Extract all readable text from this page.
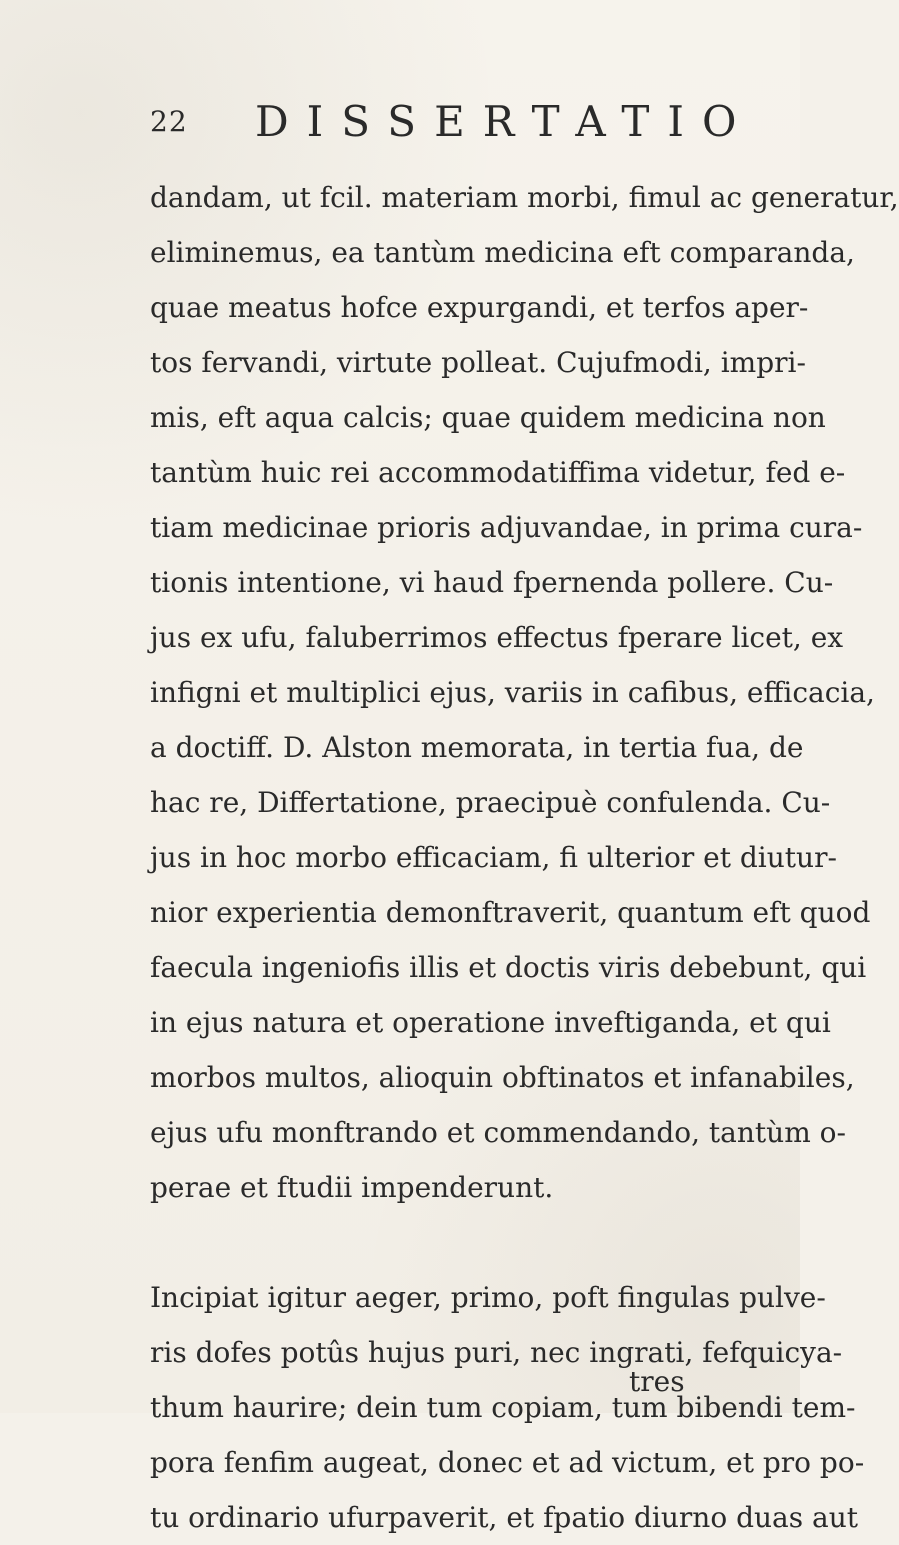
22 DISSERTATIO
dandam, ut fcil. materiam morbi, fimul ac generatur,
eliminemus, ea tantùm medicina eft comparanda,
quae meatus hofce expurgandi, et terfos aper-
tos fervandi, virtute polleat. Cujufmodi, impri-
mis, eft aqua calcis; quae quidem medicina non
tantùm huic rei accommodatiffima videtur, fed e-
tiam medicinae prioris adjuvandae, in prima cura-
tionis intentione, vi haud fpernenda pollere. Cu-
jus ex ufu, faluberrimos effectus fperare licet, ex
infigni et multiplici ejus, variis in cafibus, efficacia,
a doctiff. D. Alston memorata, in tertia fua, de
hac re, Differtatione, praecipuè confulenda. Cu-
jus in hoc morbo efficaciam, fi ulterior et diutur-
nior experientia demonftraverit, quantum eft quod
faecula ingeniofis illis et doctis viris debebunt, qui
in ejus natura et operatione inveftiganda, et qui
morbos multos, alioquin obftinatos et infanabiles,
ejus ufu monftrando et commendando, tantùm o-
perae et ftudii impenderunt.
Incipiat igitur aeger, primo, poft fingulas pulve-
ris dofes potûs hujus puri, nec ingrati, fefquicya-
thum haurire; dein tum copiam, tum bibendi tem-
pora fenfim augeat, donec et ad victum, et pro po-
tu ordinario ufurpaverit, et fpatio diurno duas aut
tres
